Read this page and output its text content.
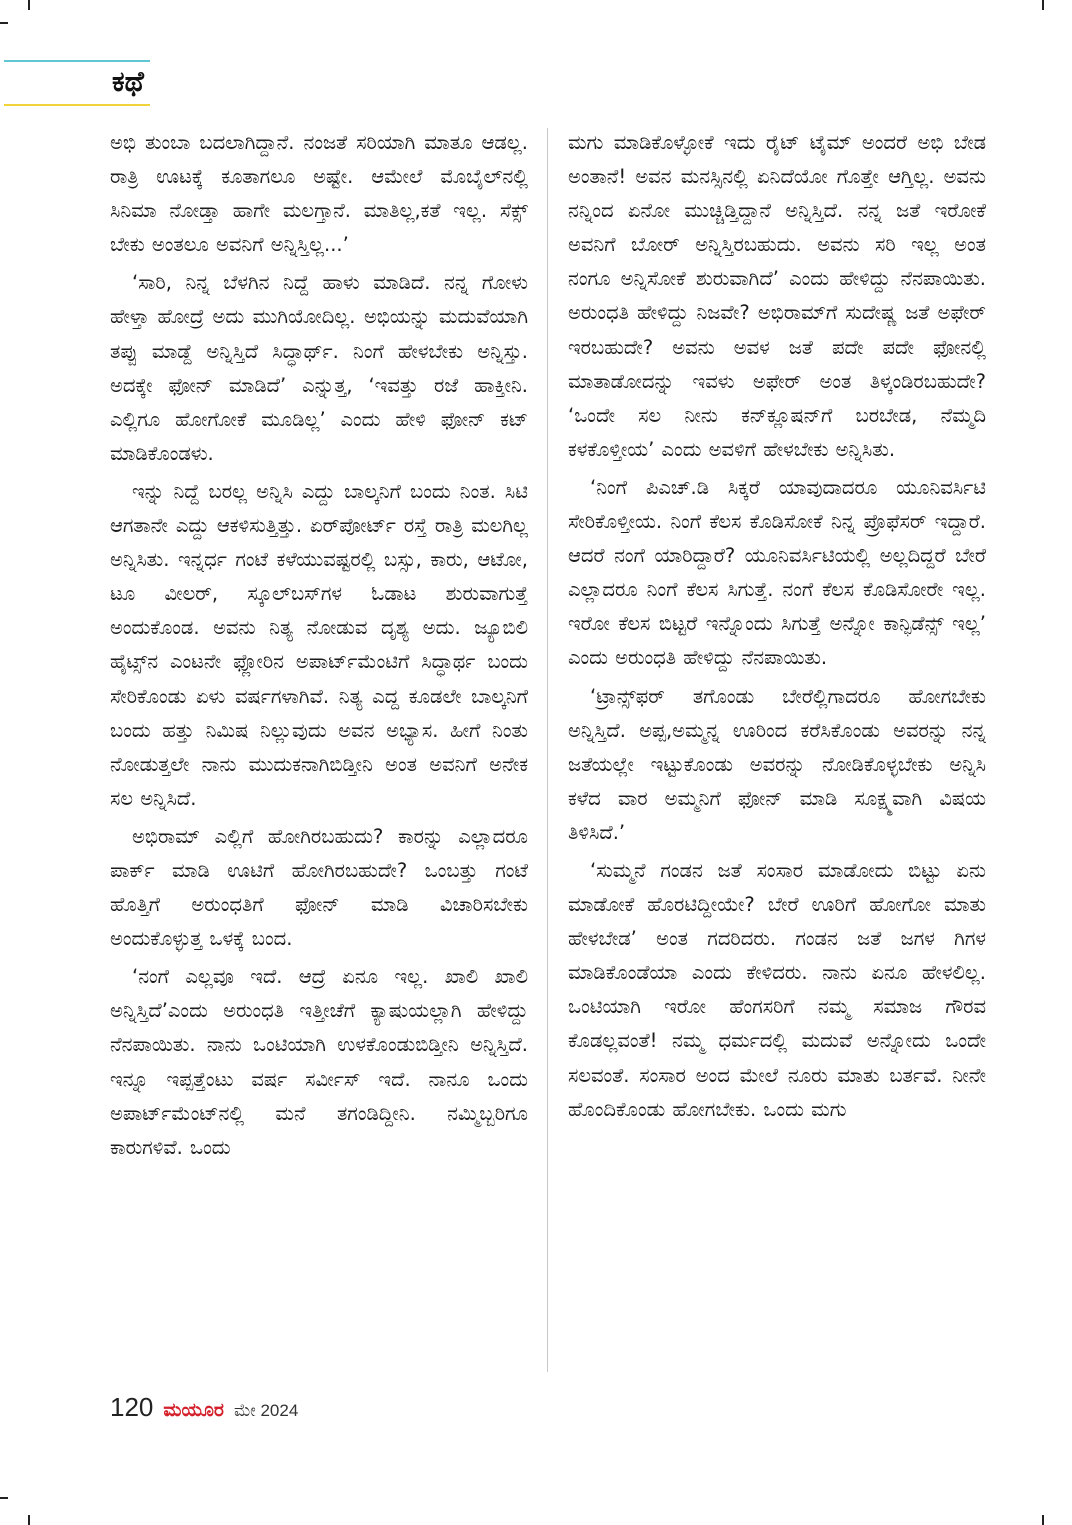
ಕಥೆ

ಅಭಿ ತುಂಬಾ ಬದಲಾಗಿದ್ದಾನೆ. ನಂಜತೆ ಸರಿಯಾಗಿ ಮಾತೂ ಆಡಲ್ಲ. ರಾತ್ರಿ ಊಟಕ್ಕೆ ಕೂತಾಗಲೂ ಅಷ್ಟೇ. ಆಮೇಲೆ ಮೊಬೈಲ್‌ನಲ್ಲಿ ಸಿನಿಮಾ ನೋಡ್ತಾ ಹಾಗೇ ಮಲಗ್ತಾನೆ. ಮಾತಿಲ್ಲ,ಕತೆ ಇಲ್ಲ. ಸೆಕ್ಸ್ ಬೇಕು ಅಂತಲೂ ಅವನಿಗೆ ಅನ್ನಿಸ್ತಿಲ್ಲ...’

‘ಸಾರಿ, ನಿನ್ನ ಬೆಳಗಿನ ನಿದ್ದೆ ಹಾಳು ಮಾಡಿದೆ. ನನ್ನ ಗೋಳು ಹೇಳ್ತಾ ಹೋದ್ರೆ ಅದು ಮುಗಿಯೋದಿಲ್ಲ. ಅಭಿಯನ್ನು ಮದುವೆಯಾಗಿ ತಪ್ಪು ಮಾಡ್ದೆ ಅನ್ನಿಸ್ತಿದೆ ಸಿದ್ಧಾರ್ಥ್. ನಿಂಗೆ ಹೇಳಬೇಕು ಅನ್ನಿಸ್ತು. ಅದಕ್ಕೇ ಫೋನ್ ಮಾಡಿದೆ’ ಎನ್ನುತ್ತ, ‘ಇವತ್ತು ರಜೆ ಹಾಕ್ತೀನಿ. ಎಲ್ಲಿಗೂ ಹೋಗೋಕೆ ಮೂಡಿಲ್ಲ’ ಎಂದು ಹೇಳಿ ಫೋನ್ ಕಟ್ ಮಾಡಿಕೊಂಡಳು.

ಇನ್ನು ನಿದ್ದೆ ಬರಲ್ಲ ಅನ್ನಿಸಿ ಎದ್ದು ಬಾಲ್ಕನಿಗೆ ಬಂದು ನಿಂತ. ಸಿಟಿ ಆಗತಾನೇ ಎದ್ದು ಆಕಳಿಸುತ್ತಿತ್ತು. ಏರ್‌ಪೋರ್ಟ್ ರಸ್ತೆ ರಾತ್ರಿ ಮಲಗಿಲ್ಲ ಅನ್ನಿಸಿತು. ಇನ್ನರ್ಧ ಗಂಟೆ ಕಳೆಯುವಷ್ಟರಲ್ಲಿ ಬಸ್ಸು, ಕಾರು, ಆಟೋ, ಟೂ ವೀಲರ್, ಸ್ಕೂಲ್‌ಬಸ್‌ಗಳ ಓಡಾಟ ಶುರುವಾಗುತ್ತೆ ಅಂದುಕೊಂಡ. ಅವನು ನಿತ್ಯ ನೋಡುವ ದೃಶ್ಯ ಅದು. ಜ್ಯೂಬಿಲಿ ಹೈಟ್ಸ್‌ನ ಎಂಟನೇ ಫ್ಲೋರಿನ ಅಪಾರ್ಟ್‌ಮೆಂಟಿಗೆ ಸಿದ್ಧಾರ್ಥ ಬಂದು ಸೇರಿಕೊಂಡು ಏಳು ವರ್ಷಗಳಾಗಿವೆ. ನಿತ್ಯ ಎದ್ದ ಕೂಡಲೇ ಬಾಲ್ಕನಿಗೆ ಬಂದು ಹತ್ತು ನಿಮಿಷ ನಿಲ್ಲುವುದು ಅವನ ಅಭ್ಯಾಸ. ಹೀಗೆ ನಿಂತು ನೋಡುತ್ತಲೇ ನಾನು ಮುದುಕನಾಗಿಬಿಡ್ತೀನಿ ಅಂತ ಅವನಿಗೆ ಅನೇಕ ಸಲ ಅನ್ನಿಸಿದೆ.

ಅಭಿರಾಮ್ ಎಲ್ಲಿಗೆ ಹೋಗಿರಬಹುದು? ಕಾರನ್ನು ಎಲ್ಲಾದರೂ ಪಾರ್ಕ್ ಮಾಡಿ ಊಟಿಗೆ ಹೋಗಿರಬಹುದೇ? ಒಂಬತ್ತು ಗಂಟೆ ಹೊತ್ತಿಗೆ ಅರುಂಧತಿಗೆ ಫೋನ್ ಮಾಡಿ ವಿಚಾರಿಸಬೇಕು ಅಂದುಕೊಳ್ಳುತ್ತ ಒಳಕ್ಕೆ ಬಂದ.

‘ನಂಗೆ ಎಲ್ಲವೂ ಇದೆ. ಆದ್ರೆ ಏನೂ ಇಲ್ಲ. ಖಾಲಿ ಖಾಲಿ ಅನ್ನಿಸ್ತಿದೆ’ಎಂದು ಅರುಂಧತಿ ಇತ್ತೀಚೆಗೆ ಕ್ಯಾಷುಯಲ್ಲಾಗಿ ಹೇಳಿದ್ದು ನೆನಪಾಯಿತು. ನಾನು ಒಂಟಿಯಾಗಿ ಉಳಕೊಂಡುಬಿಡ್ತೀನಿ ಅನ್ನಿಸ್ತಿದೆ. ಇನ್ನೂ ಇಪ್ಪತ್ತೆಂಟು ವರ್ಷ ಸರ್ವೀಸ್ ಇದೆ. ನಾನೂ ಒಂದು ಅಪಾರ್ಟ್‌ಮೆಂಟ್‌ನಲ್ಲಿ ಮನೆ ತಗಂಡಿದ್ದೀನಿ. ನಮ್ಮಿಬ್ಬರಿಗೂ ಕಾರುಗಳಿವೆ. ಒಂದು

ಮಗು ಮಾಡಿಕೊಳ್ಳೋಕೆ ಇದು ರೈಟ್ ಟೈಮ್ ಅಂದರೆ ಅಭಿ ಬೇಡ ಅಂತಾನೆ! ಅವನ ಮನಸ್ಸಿನಲ್ಲಿ ಏನಿದೆಯೋ ಗೊತ್ತೇ ಆಗ್ತಿಲ್ಲ. ಅವನು ನನ್ನಿಂದ ಏನೋ ಮುಚ್ಚಿಡ್ತಿದ್ದಾನೆ ಅನ್ನಿಸ್ತಿದೆ. ನನ್ನ ಜತೆ ಇರೋಕೆ ಅವನಿಗೆ ಬೋರ್ ಅನ್ನಿಸ್ತಿರಬಹುದು. ಅವನು ಸರಿ ಇಲ್ಲ ಅಂತ ನಂಗೂ ಅನ್ನಿಸೋಕೆ ಶುರುವಾಗಿದೆ’ ಎಂದು ಹೇಳಿದ್ದು ನೆನಪಾಯಿತು. ಅರುಂಧತಿ ಹೇಳಿದ್ದು ನಿಜವೇ? ಅಭಿರಾಮ್‌ಗೆ ಸುದೇಷ್ಣ ಜತೆ ಅಫೇರ್ ಇರಬಹುದೇ? ಅವನು ಅವಳ ಜತೆ ಪದೇ ಪದೇ ಫೋನಲ್ಲಿ ಮಾತಾಡೋದನ್ನು ಇವಳು ಅಫೇರ್ ಅಂತ ತಿಳ್ಕಂಡಿರಬಹುದೇ? ‘ಒಂದೇ ಸಲ ನೀನು ಕನ್‌ಕ್ಲೂಷನ್‌ಗೆ ಬರಬೇಡ, ನೆಮ್ಮದಿ ಕಳಕೊಳ್ತೀಯ’ ಎಂದು ಅವಳಿಗೆ ಹೇಳಬೇಕು ಅನ್ನಿಸಿತು.

‘ನಿಂಗೆ ಪಿಎಚ್.ಡಿ ಸಿಕ್ಕರೆ ಯಾವುದಾದರೂ ಯೂನಿವರ್ಸಿಟಿ ಸೇರಿಕೊಳ್ತೀಯ. ನಿಂಗೆ ಕೆಲಸ ಕೊಡಿಸೋಕೆ ನಿನ್ನ ಪ್ರೊಫೆಸರ್ ಇದ್ದಾರೆ. ಆದರೆ ನಂಗೆ ಯಾರಿದ್ದಾರೆ? ಯೂನಿವರ್ಸಿಟಿಯಲ್ಲಿ ಅಲ್ಲದಿದ್ದರೆ ಬೇರೆ ಎಲ್ಲಾದರೂ ನಿಂಗೆ ಕೆಲಸ ಸಿಗುತ್ತೆ. ನಂಗೆ ಕೆಲಸ ಕೊಡಿಸೋರೇ ಇಲ್ಲ. ಇರೋ ಕೆಲಸ ಬಿಟ್ಟರೆ ಇನ್ನೊಂದು ಸಿಗುತ್ತೆ ಅನ್ನೋ ಕಾನ್ಫಿಡೆನ್ಸ್ ಇಲ್ಲ’ ಎಂದು ಅರುಂಧತಿ ಹೇಳಿದ್ದು ನೆನಪಾಯಿತು.

‘ಟ್ರಾನ್ಸ್‌ಫರ್ ತಗೊಂಡು ಬೇರೆಲ್ಲಿಗಾದರೂ ಹೋಗಬೇಕು ಅನ್ನಿಸ್ತಿದೆ. ಅಪ್ಪ,ಅಮ್ಮನ್ನ ಊರಿಂದ ಕರೆಸಿಕೊಂಡು ಅವರನ್ನು ನನ್ನ ಜತೆಯಲ್ಲೇ ಇಟ್ಟುಕೊಂಡು ಅವರನ್ನು ನೋಡಿಕೊಳ್ಳಬೇಕು ಅನ್ನಿಸಿ ಕಳೆದ ವಾರ ಅಮ್ಮನಿಗೆ ಫೋನ್ ಮಾಡಿ ಸೂಕ್ಷ್ಮವಾಗಿ ವಿಷಯ ತಿಳಿಸಿದೆ.’

‘ಸುಮ್ಮನೆ ಗಂಡನ ಜತೆ ಸಂಸಾರ ಮಾಡೋದು ಬಿಟ್ಟು ಏನು ಮಾಡೋಕೆ ಹೊರಟಿದ್ದೀಯೇ? ಬೇರೆ ಊರಿಗೆ ಹೋಗೋ ಮಾತು ಹೇಳಬೇಡ’ ಅಂತ ಗದರಿದರು. ಗಂಡನ ಜತೆ ಜಗಳ ಗಿಗಳ ಮಾಡಿಕೊಂಡೆಯಾ ಎಂದು ಕೇಳಿದರು. ನಾನು ಏನೂ ಹೇಳಲಿಲ್ಲ. ಒಂಟಿಯಾಗಿ ಇರೋ ಹೆಂಗಸರಿಗೆ ನಮ್ಮ ಸಮಾಜ ಗೌರವ ಕೊಡಲ್ಲವಂತೆ! ನಮ್ಮ ಧರ್ಮದಲ್ಲಿ ಮದುವೆ ಅನ್ನೋದು ಒಂದೇ ಸಲವಂತೆ. ಸಂಸಾರ ಅಂದ ಮೇಲೆ ನೂರು ಮಾತು ಬರ್ತವೆ. ನೀನೇ ಹೊಂದಿಕೊಂಡು ಹೋಗಬೇಕು. ಒಂದು ಮಗು

120 ಮಯೂರ ಮೇ 2024
